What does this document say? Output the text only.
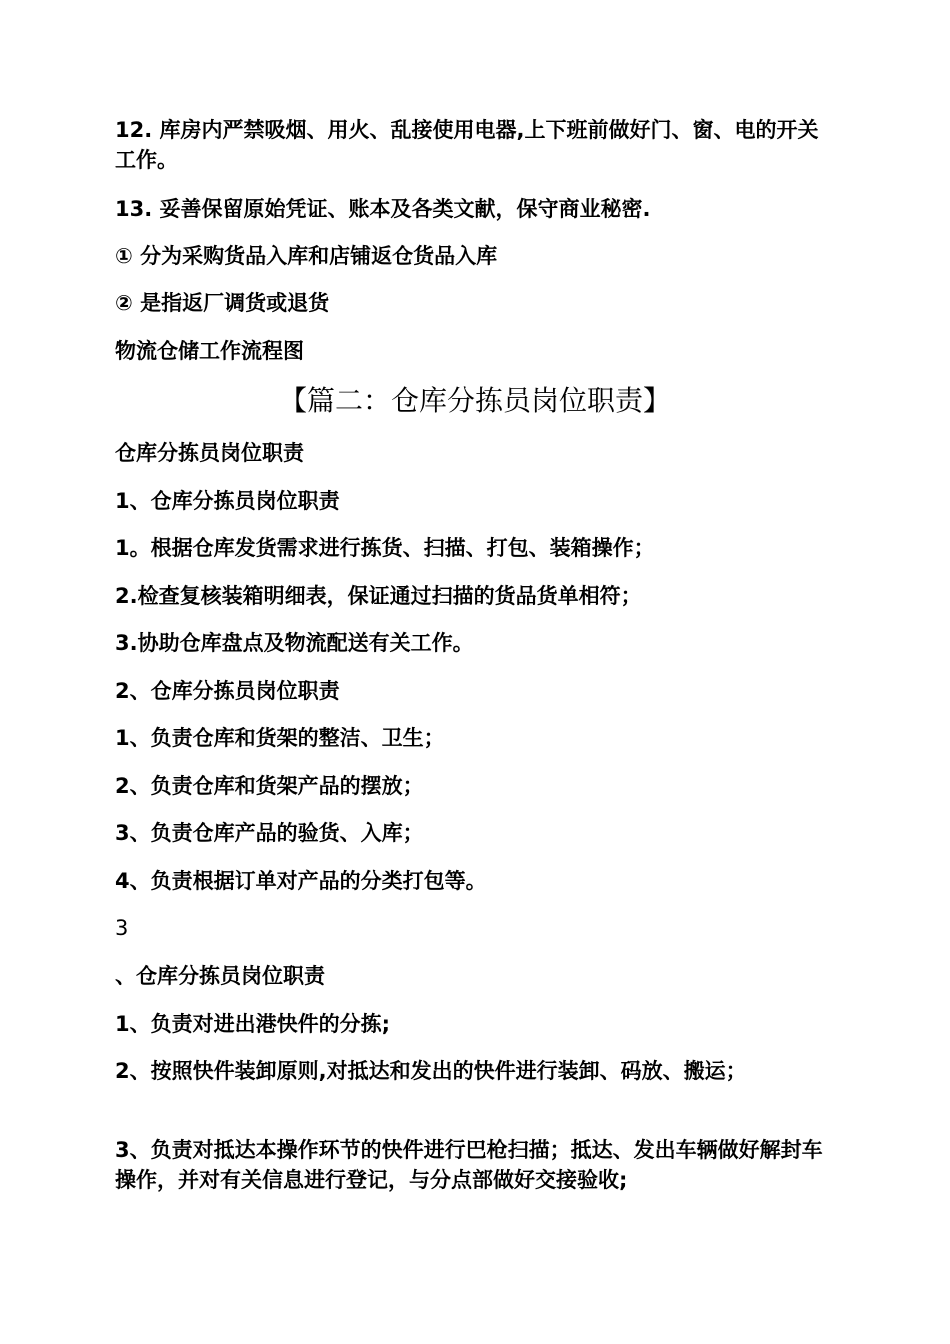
12. 库房内严禁吸烟、用火、乱接使用电器,上下班前做好门、窗、电的开关工作。
13. 妥善保留原始凭证、账本及各类文献，保守商业秘密.
① 分为采购货品入库和店铺返仓货品入库
② 是指返厂调货或退货
物流仓储工作流程图
【篇二：仓库分拣员岗位职责】
仓库分拣员岗位职责
1、仓库分拣员岗位职责
1。根据仓库发货需求进行拣货、扫描、打包、装箱操作；
2.检查复核装箱明细表，保证通过扫描的货品货单相符；
3.协助仓库盘点及物流配送有关工作。
2、仓库分拣员岗位职责
1、负责仓库和货架的整洁、卫生；
2、负责仓库和货架产品的摆放；
3、负责仓库产品的验货、入库；
4、负责根据订单对产品的分类打包等。
3
、仓库分拣员岗位职责
1、负责对进出港快件的分拣;
2、按照快件装卸原则,对抵达和发出的快件进行装卸、码放、搬运；
3、负责对抵达本操作环节的快件进行巴枪扫描；抵达、发出车辆做好解封车操作，并对有关信息进行登记，与分点部做好交接验收;
